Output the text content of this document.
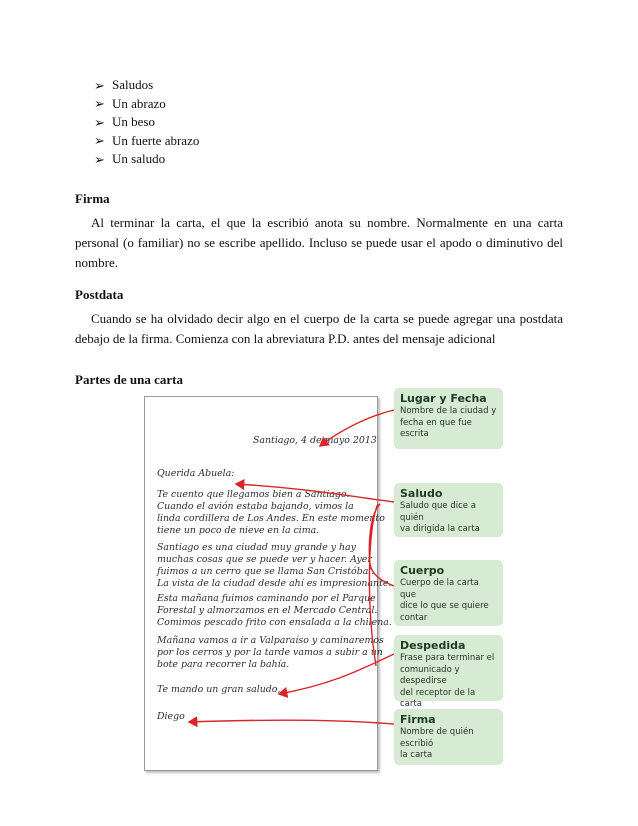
➢ Saludos
➢ Un abrazo
➢ Un beso
➢ Un fuerte abrazo
➢ Un saludo
Firma
Al terminar la carta, el que la escribió anota su nombre. Normalmente en una carta personal (o familiar) no se escribe apellido. Incluso se puede usar el apodo o diminutivo del nombre.
Postdata
Cuando se ha olvidado decir algo en el cuerpo de la carta se puede agregar una postdata debajo de la firma. Comienza con la abreviatura P.D. antes del mensaje adicional
Partes de una carta
Santiago, 4 de mayo 2013
Querida Abuela:
Te cuento que llegamos bien a Santiago.
Cuando el avión estaba bajando, vimos la
linda cordillera de Los Andes. En este momento
tiene un poco de nieve en la cima.
Santiago es una ciudad muy grande y hay
muchas cosas que se puede ver y hacer. Ayer
fuimos a un cerro que se llama San Cristóbal.
La vista de la ciudad desde ahí es impresionante.
Esta mañana fuimos caminando por el Parque
Forestal y almorzamos en el Mercado Central.
Comimos pescado frito con ensalada a la chilena.
Mañana vamos a ir a Valparaíso y caminaremos
por los cerros y por la tarde vamos a subir a un
bote para recorrer la bahía.
Te mando un gran saludo,
Diego
Lugar y Fecha
Nombre de la ciudad y
fecha en que fue escrita
Saludo
Saludo que dice a quién
va dirigida la carta
Cuerpo
Cuerpo de la carta que
dice lo que se quiere
contar
Despedida
Frase para terminar el
comunicado y despedirse
del receptor de la carta
Firma
Nombre de quién escribió
la carta
